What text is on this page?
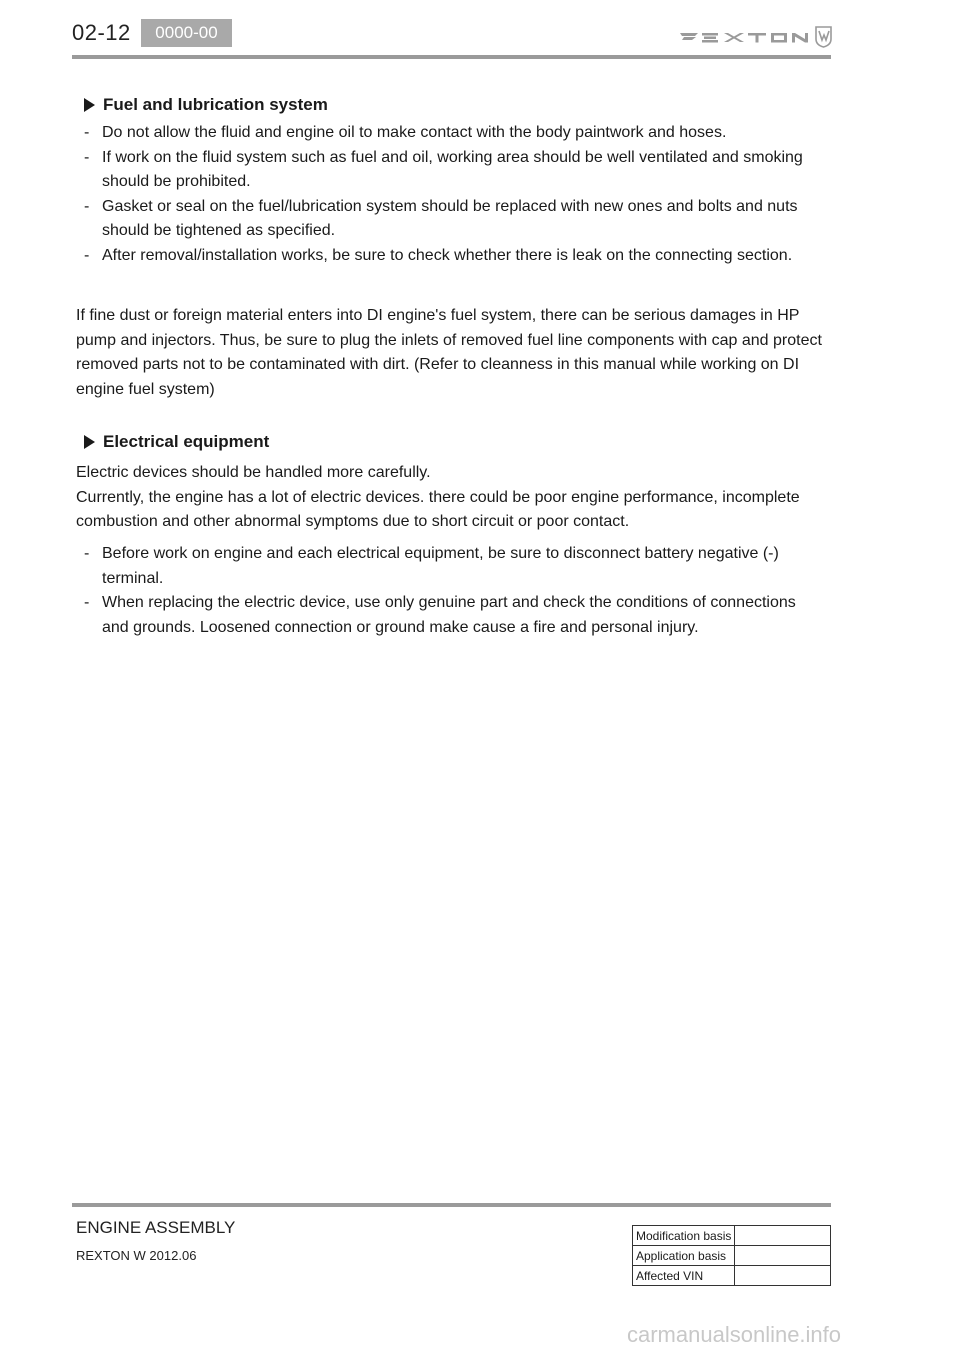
02-12 0000-00
Fuel and lubrication system
- Do not allow the fluid and engine oil to make contact with the body paintwork and hoses.
- If work on the fluid system such as fuel and oil, working area should be well ventilated and smoking should be prohibited.
- Gasket or seal on the fuel/lubrication system should be replaced with new ones and bolts and nuts should be tightened as specified.
- After removal/installation works, be sure to check whether there is leak on the connecting section.
If fine dust or foreign material enters into DI engine's fuel system, there can be serious damages in HP pump and injectors. Thus, be sure to plug the inlets of removed fuel line components with cap and protect removed parts not to be contaminated with dirt. (Refer to cleanness in this manual while working on DI engine fuel system)
Electrical equipment
Electric devices should be handled more carefully.
Currently, the engine has a lot of electric devices. there could be poor engine performance, incomplete combustion and other abnormal symptoms due to short circuit or poor contact.
- Before work on engine and each electrical equipment, be sure to disconnect battery negative (-) terminal.
- When replacing the electric device, use only genuine part and check the conditions of connections and grounds. Loosened connection or ground make cause a fire and personal injury.
ENGINE ASSEMBLY
REXTON W 2012.06
Modification basis	
Application basis	
Affected VIN	
carmanualsonline.info
